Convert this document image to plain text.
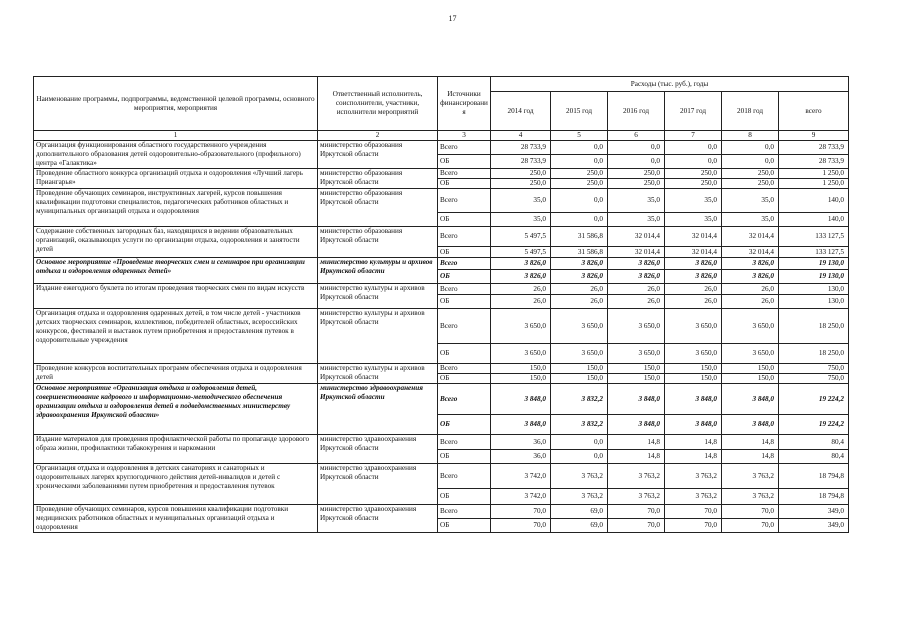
17
Наименование программы, подпрограммы, ведомственной целевой программы, основного мероприятия, мероприятия	Ответственный исполнитель, соисполнители, участники, исполнители мероприятий	Источники финансировани я	Расходы (тыс. руб.), годы					
			2014 год	2015 год	2016 год	2017 год	2018 год	всего
1	2	3	4	5	6	7	8	9
Организация функционирования областного государственного учреждения дополнительного образования детей оздоровительно-образовательного (профильного) центра «Галактика»	министерство образования Иркутской области	Всего	28 733,9	0,0	0,0	0,0	0,0	28 733,9
		ОБ	28 733,9	0,0	0,0	0,0	0,0	28 733,9
Проведение областного конкурса организаций отдыха и оздоровления «Лучший лагерь Приангарья»	министерство образования Иркутской области	Всего	250,0	250,0	250,0	250,0	250,0	1 250,0
		ОБ	250,0	250,0	250,0	250,0	250,0	1 250,0
Проведение обучающих семинаров, инструктивных лагерей, курсов повышения квалификации подготовки специалистов, педагогических работников областных и муниципальных организаций отдыха и оздоровления	министерство образования Иркутской области	Всего	35,0	0,0	35,0	35,0	35,0	140,0
		ОБ	35,0	0,0	35,0	35,0	35,0	140,0
Содержание собственных загородных баз, находящихся в ведении образовательных организаций, оказывающих услуги по организации отдыха, оздоровления и занятости детей	министерство образования Иркутской области	Всего	5 497,5	31 586,8	32 014,4	32 014,4	32 014,4	133 127,5
		ОБ	5 497,5	31 586,8	32 014,4	32 014,4	32 014,4	133 127,5
Основное мероприятие «Проведение творческих смен и семинаров при организации отдыха и оздоровления одаренных детей»	министерство культуры и архивов Иркутской области	Всего	3 826,0	3 826,0	3 826,0	3 826,0	3 826,0	19 130,0
		ОБ	3 826,0	3 826,0	3 826,0	3 826,0	3 826,0	19 130,0
Издание ежегодного буклета по итогам проведения творческих смен по видам искусств	министерство культуры и архивов Иркутской области	Всего	26,0	26,0	26,0	26,0	26,0	130,0
		ОБ	26,0	26,0	26,0	26,0	26,0	130,0
Организация отдыха и оздоровления одаренных детей, в том числе детей - участников детских творческих семинаров, коллективов, победителей областных, всероссийских конкурсов, фестивалей и выставок путем приобретения и предоставления путевок в оздоровительные учреждения	министерство культуры и архивов Иркутской области	Всего	3 650,0	3 650,0	3 650,0	3 650,0	3 650,0	18 250,0
		ОБ	3 650,0	3 650,0	3 650,0	3 650,0	3 650,0	18 250,0
Проведение конкурсов воспитательных программ обеспечения отдыха и оздоровления детей	министерство культуры и архивов Иркутской области	Всего	150,0	150,0	150,0	150,0	150,0	750,0
		ОБ	150,0	150,0	150,0	150,0	150,0	750,0
Основное мероприятие «Организация отдыха и оздоровления детей, совершенствование кадрового и информационно-методического обеспечения организации отдыха и оздоровления детей в подведомственных министерству здравоохранения Иркутской области»	министерство здравоохранения Иркутской области	Всего	3 848,0	3 832,2	3 848,0	3 848,0	3 848,0	19 224,2
		ОБ	3 848,0	3 832,2	3 848,0	3 848,0	3 848,0	19 224,2
Издание материалов для проведения профилактической работы по пропаганде здорового образа жизни, профилактики табакокурения и наркомании	министерство здравоохранения Иркутской области	Всего	36,0	0,0	14,8	14,8	14,8	80,4
		ОБ	36,0	0,0	14,8	14,8	14,8	80,4
Организация отдыха и оздоровления в детских санаториях и санаторных и оздоровительных лагерях круглогодичного действия детей-инвалидов и детей с хроническими заболеваниями путем приобретения и предоставления путевок	министерство здравоохранения Иркутской области	Всего	3 742,0	3 763,2	3 763,2	3 763,2	3 763,2	18 794,8
		ОБ	3 742,0	3 763,2	3 763,2	3 763,2	3 763,2	18 794,8
Проведение обучающих семинаров, курсов повышения квалификации подготовки медицинских работников областных и муниципальных организаций отдыха и оздоровления	министерство здравоохранения Иркутской области	Всего	70,0	69,0	70,0	70,0	70,0	349,0
		ОБ	70,0	69,0	70,0	70,0	70,0	349,0
